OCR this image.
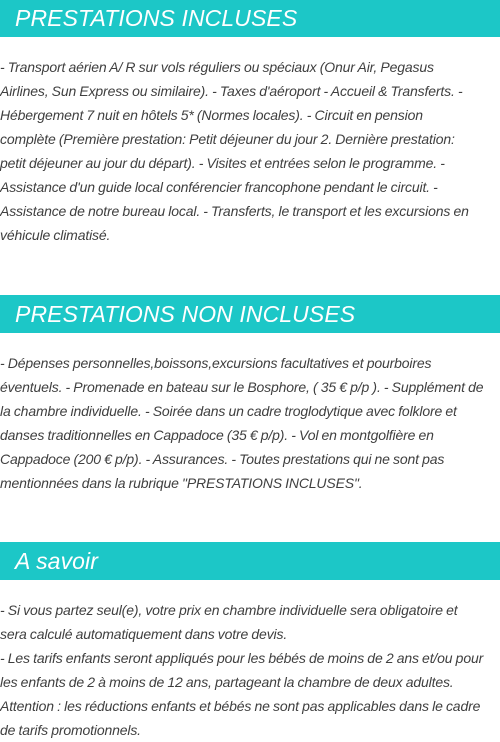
PRESTATIONS INCLUSES

- Transport aérien A/ R sur vols réguliers ou spéciaux (Onur Air, Pegasus
Airlines, Sun Express ou similaire). - Taxes d'aéroport - Accueil & Transferts. -
Hébergement 7 nuit en hôtels 5* (Normes locales). - Circuit en pension
complète (Première prestation: Petit déjeuner du jour 2. Dernière prestation:
petit déjeuner au jour du départ). - Visites et entrées selon le programme. -
Assistance d'un guide local conférencier francophone pendant le circuit. -
Assistance de notre bureau local. - Transferts, le transport et les excursions en
véhicule climatisé.

PRESTATIONS NON INCLUSES

- Dépenses personnelles,boissons,excursions facultatives et pourboires
éventuels. - Promenade en bateau sur le Bosphore, ( 35 € p/p ). - Supplément de
la chambre individuelle. - Soirée dans un cadre troglodytique avec folklore et
danses traditionnelles en Cappadoce (35 € p/p). - Vol en montgolfière en
Cappadoce (200 € p/p). - Assurances. - Toutes prestations qui ne sont pas
mentionnées dans la rubrique "PRESTATIONS INCLUSES".

A savoir

- Si vous partez seul(e), votre prix en chambre individuelle sera obligatoire et
sera calculé automatiquement dans votre devis.
- Les tarifs enfants seront appliqués pour les bébés de moins de 2 ans et/ou pour
les enfants de 2 à moins de 12 ans, partageant la chambre de deux adultes.
Attention : les réductions enfants et bébés ne sont pas applicables dans le cadre
de tarifs promotionnels.
